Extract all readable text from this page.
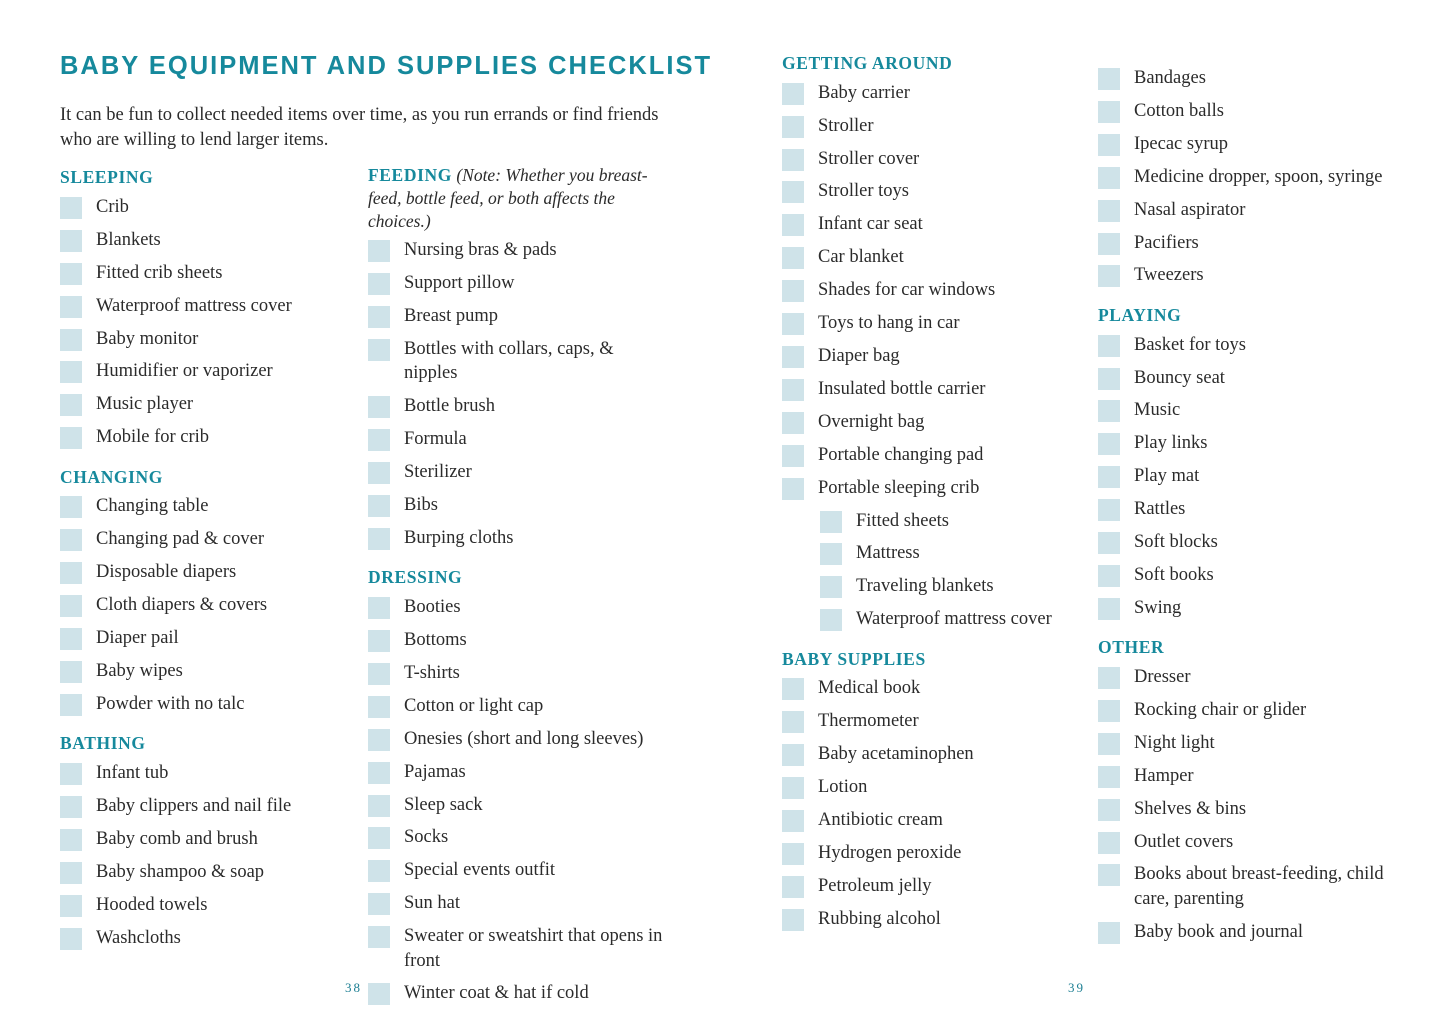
BABY EQUIPMENT AND SUPPLIES CHECKLIST

It can be fun to collect needed items over time, as you run errands or find friends who are willing to lend larger items.

SLEEPING
Crib
Blankets
Fitted crib sheets
Waterproof mattress cover
Baby monitor
Humidifier or vaporizer
Music player
Mobile for crib
CHANGING
Changing table
Changing pad & cover
Disposable diapers
Cloth diapers & covers
Diaper pail
Baby wipes
Powder with no talc
BATHING
Infant tub
Baby clippers and nail file
Baby comb and brush
Baby shampoo & soap
Hooded towels
Washcloths
FEEDING (Note: Whether you breast-feed, bottle feed, or both affects the choices.)
Nursing bras & pads
Support pillow
Breast pump
Bottles with collars, caps, & nipples
Bottle brush
Formula
Sterilizer
Bibs
Burping cloths
DRESSING
Booties
Bottoms
T-shirts
Cotton or light cap
Onesies (short and long sleeves)
Pajamas
Sleep sack
Socks
Special events outfit
Sun hat
Sweater or sweatshirt that opens in front
Winter coat & hat if cold
GETTING AROUND
Baby carrier
Stroller
Stroller cover
Stroller toys
Infant car seat
Car blanket
Shades for car windows
Toys to hang in car
Diaper bag
Insulated bottle carrier
Overnight bag
Portable changing pad
Portable sleeping crib
Fitted sheets
Mattress
Traveling blankets
Waterproof mattress cover
BABY SUPPLIES
Medical book
Thermometer
Baby acetaminophen
Lotion
Antibiotic cream
Hydrogen peroxide
Petroleum jelly
Rubbing alcohol
Bandages
Cotton balls
Ipecac syrup
Medicine dropper, spoon, syringe
Nasal aspirator
Pacifiers
Tweezers
PLAYING
Basket for toys
Bouncy seat
Music
Play links
Play mat
Rattles
Soft blocks
Soft books
Swing
OTHER
Dresser
Rocking chair or glider
Night light
Hamper
Shelves & bins
Outlet covers
Books about breast-feeding, child care, parenting
Baby book and journal
38	39
